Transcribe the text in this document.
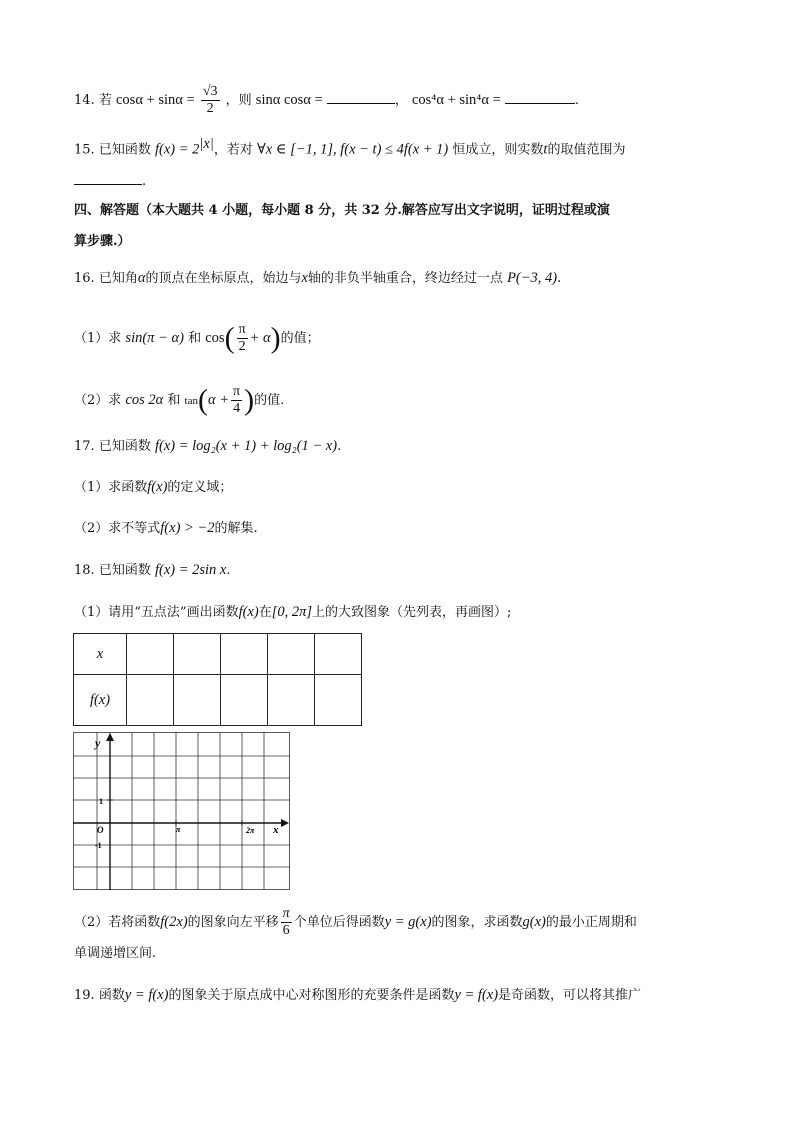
14. 若 $\cos\alpha + \sin\alpha = \frac{√3}{2}$ ，则 sinα cosα =	， cos⁴α + sin⁴α =	.
15. 已知函数 $f(x) = 2^{|x|}$，若对 ∀x ∈ [−1, 1], f(x − t) ≤ 4f(x + 1) 恒成立，则实数t的取值范围为
.
四、解答题（本大题共 4 小题，每小题 8 分，共 32 分.解答应写出文字说明，证明过程或演
算步骤.）
16. 已知角α的顶点在坐标原点，始边与x轴的非负半轴重合，终边经过一点 P(−3, 4).
（1）求 sin(π − α) 和 $\cos( \frac{\pi}{2} + \alpha)$的值；
（2）求 cos 2α 和 $\tan(\alpha + \frac{\pi}{4}$ )的值.
17. 已知函数 f(x) = log₂(x + 1) + log₂(1 − x).
（1）求函数f(x)的定义域；
（2）求不等式f(x) > −2的解集.
18. 已知函数 f(x) = 2sin x.
（1）请用“五点法”画出函数f(x)在[0, 2π]上的大致图象（先列表，再画图）;
x					
f(x)					
y
x
O
1
-1
π	2π
（2）若将函数f(2x)的图象向左平移 $\frac{\pi}{6}$ 个单位后得函数y = g(x)的图象，求函数g(x)的最小正周期和
单调递增区间.
19. 函数y = f(x)的图象关于原点成中心对称图形的充要条件是函数y = f(x)是奇函数，可以将其推广
